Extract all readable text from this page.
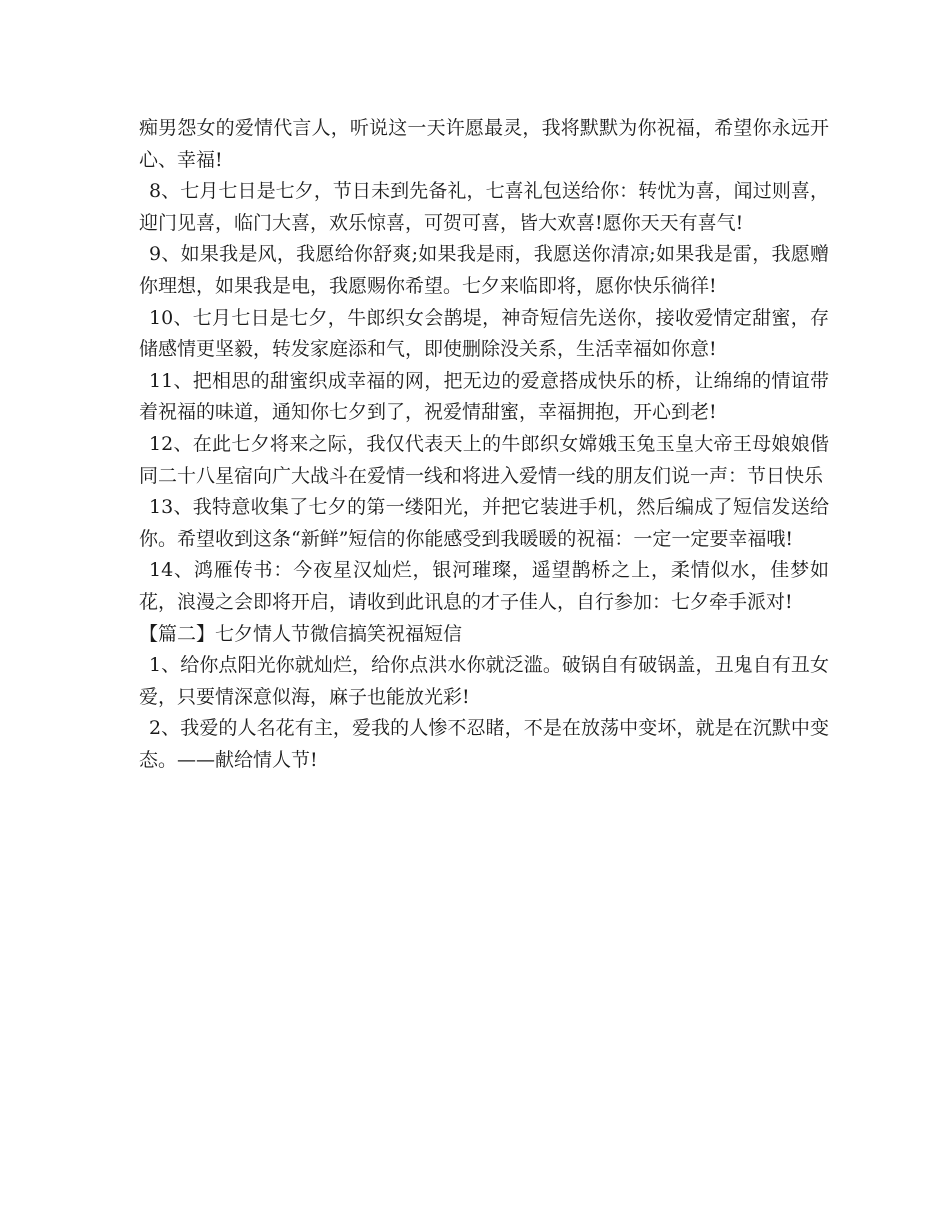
痴男怨女的爱情代言人，听说这一天许愿最灵，我将默默为你祝福，希望你永远开心、幸福!

8、七月七日是七夕，节日未到先备礼，七喜礼包送给你：转忧为喜，闻过则喜，迎门见喜，临门大喜，欢乐惊喜，可贺可喜，皆大欢喜!愿你天天有喜气!

9、如果我是风，我愿给你舒爽;如果我是雨，我愿送你清凉;如果我是雷，我愿赠你理想，如果我是电，我愿赐你希望。七夕来临即将，愿你快乐徜徉!

10、七月七日是七夕，牛郎织女会鹊堤，神奇短信先送你，接收爱情定甜蜜，存储感情更坚毅，转发家庭添和气，即使删除没关系，生活幸福如你意!

11、把相思的甜蜜织成幸福的网，把无边的爱意搭成快乐的桥，让绵绵的情谊带着祝福的味道，通知你七夕到了，祝爱情甜蜜，幸福拥抱，开心到老!

12、在此七夕将来之际，我仅代表天上的牛郎织女嫦娥玉兔玉皇大帝王母娘娘偕同二十八星宿向广大战斗在爱情一线和将进入爱情一线的朋友们说一声：节日快乐

13、我特意收集了七夕的第一缕阳光，并把它装进手机，然后编成了短信发送给你。希望收到这条“新鲜”短信的你能感受到我暖暖的祝福：一定一定要幸福哦!

14、鸿雁传书：今夜星汉灿烂，银河璀璨，遥望鹊桥之上，柔情似水，佳梦如花，浪漫之会即将开启，请收到此讯息的才子佳人，自行参加：七夕牵手派对!

【篇二】七夕情人节微信搞笑祝福短信

1、给你点阳光你就灿烂，给你点洪水你就泛滥。破锅自有破锅盖，丑鬼自有丑女爱，只要情深意似海，麻子也能放光彩!

2、我爱的人名花有主，爱我的人惨不忍睹，不是在放荡中变坏，就是在沉默中变态。——献给情人节!
